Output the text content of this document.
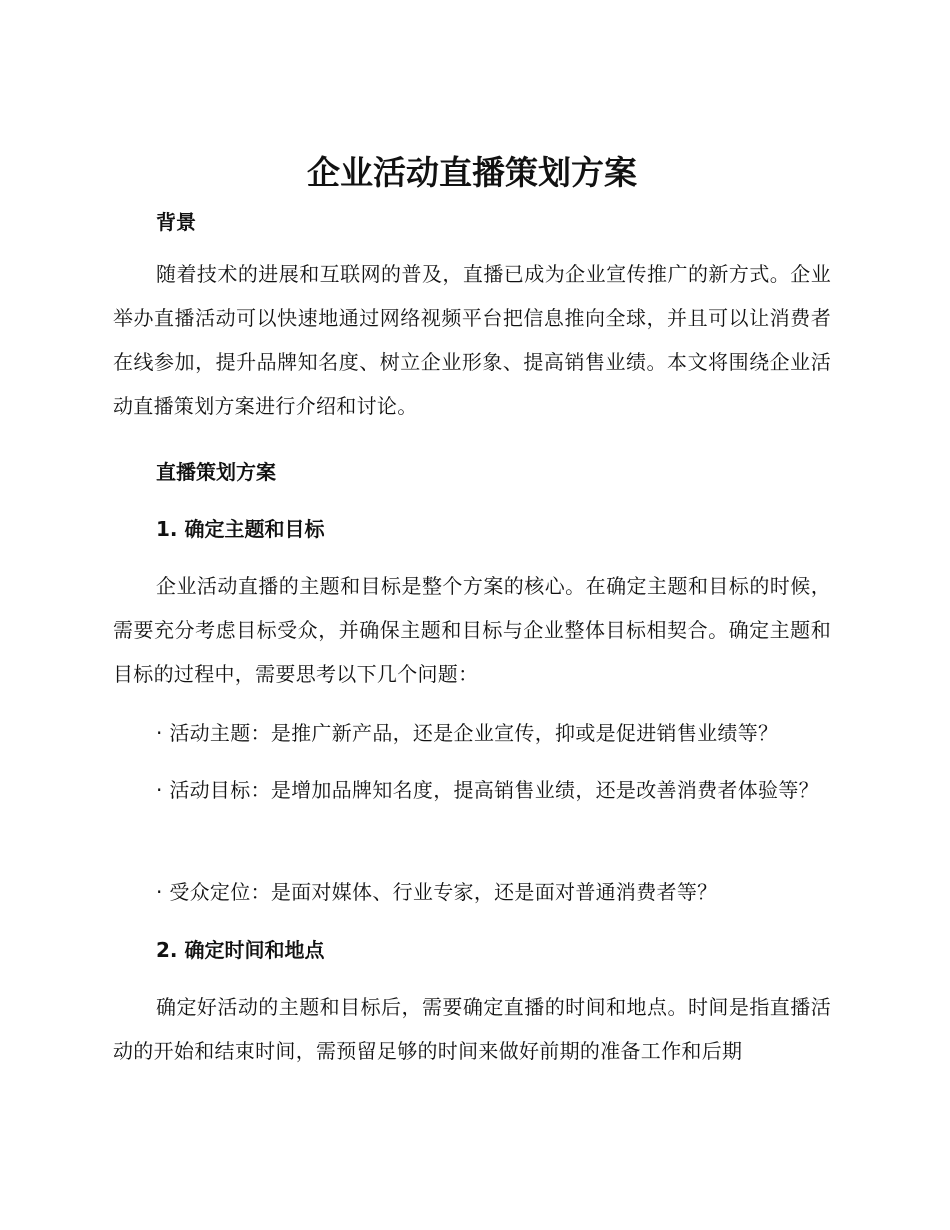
企业活动直播策划方案
背景

随着技术的进展和互联网的普及，直播已成为企业宣传推广的新方式。企业举办直播活动可以快速地通过网络视频平台把信息推向全球，并且可以让消费者在线参加，提升品牌知名度、树立企业形象、提高销售业绩。本文将围绕企业活动直播策划方案进行介绍和讨论。

直播策划方案
1. 确定主题和目标

企业活动直播的主题和目标是整个方案的核心。在确定主题和目标的时候，需要充分考虑目标受众，并确保主题和目标与企业整体目标相契合。确定主题和目标的过程中，需要思考以下几个问题：

· 活动主题：是推广新产品，还是企业宣传，抑或是促进销售业绩等？

· 活动目标：是增加品牌知名度，提高销售业绩，还是改善消费者体验等？

· 受众定位：是面对媒体、行业专家，还是面对普通消费者等？

2. 确定时间和地点

确定好活动的主题和目标后，需要确定直播的时间和地点。时间是指直播活动的开始和结束时间，需预留足够的时间来做好前期的准备工作和后期
